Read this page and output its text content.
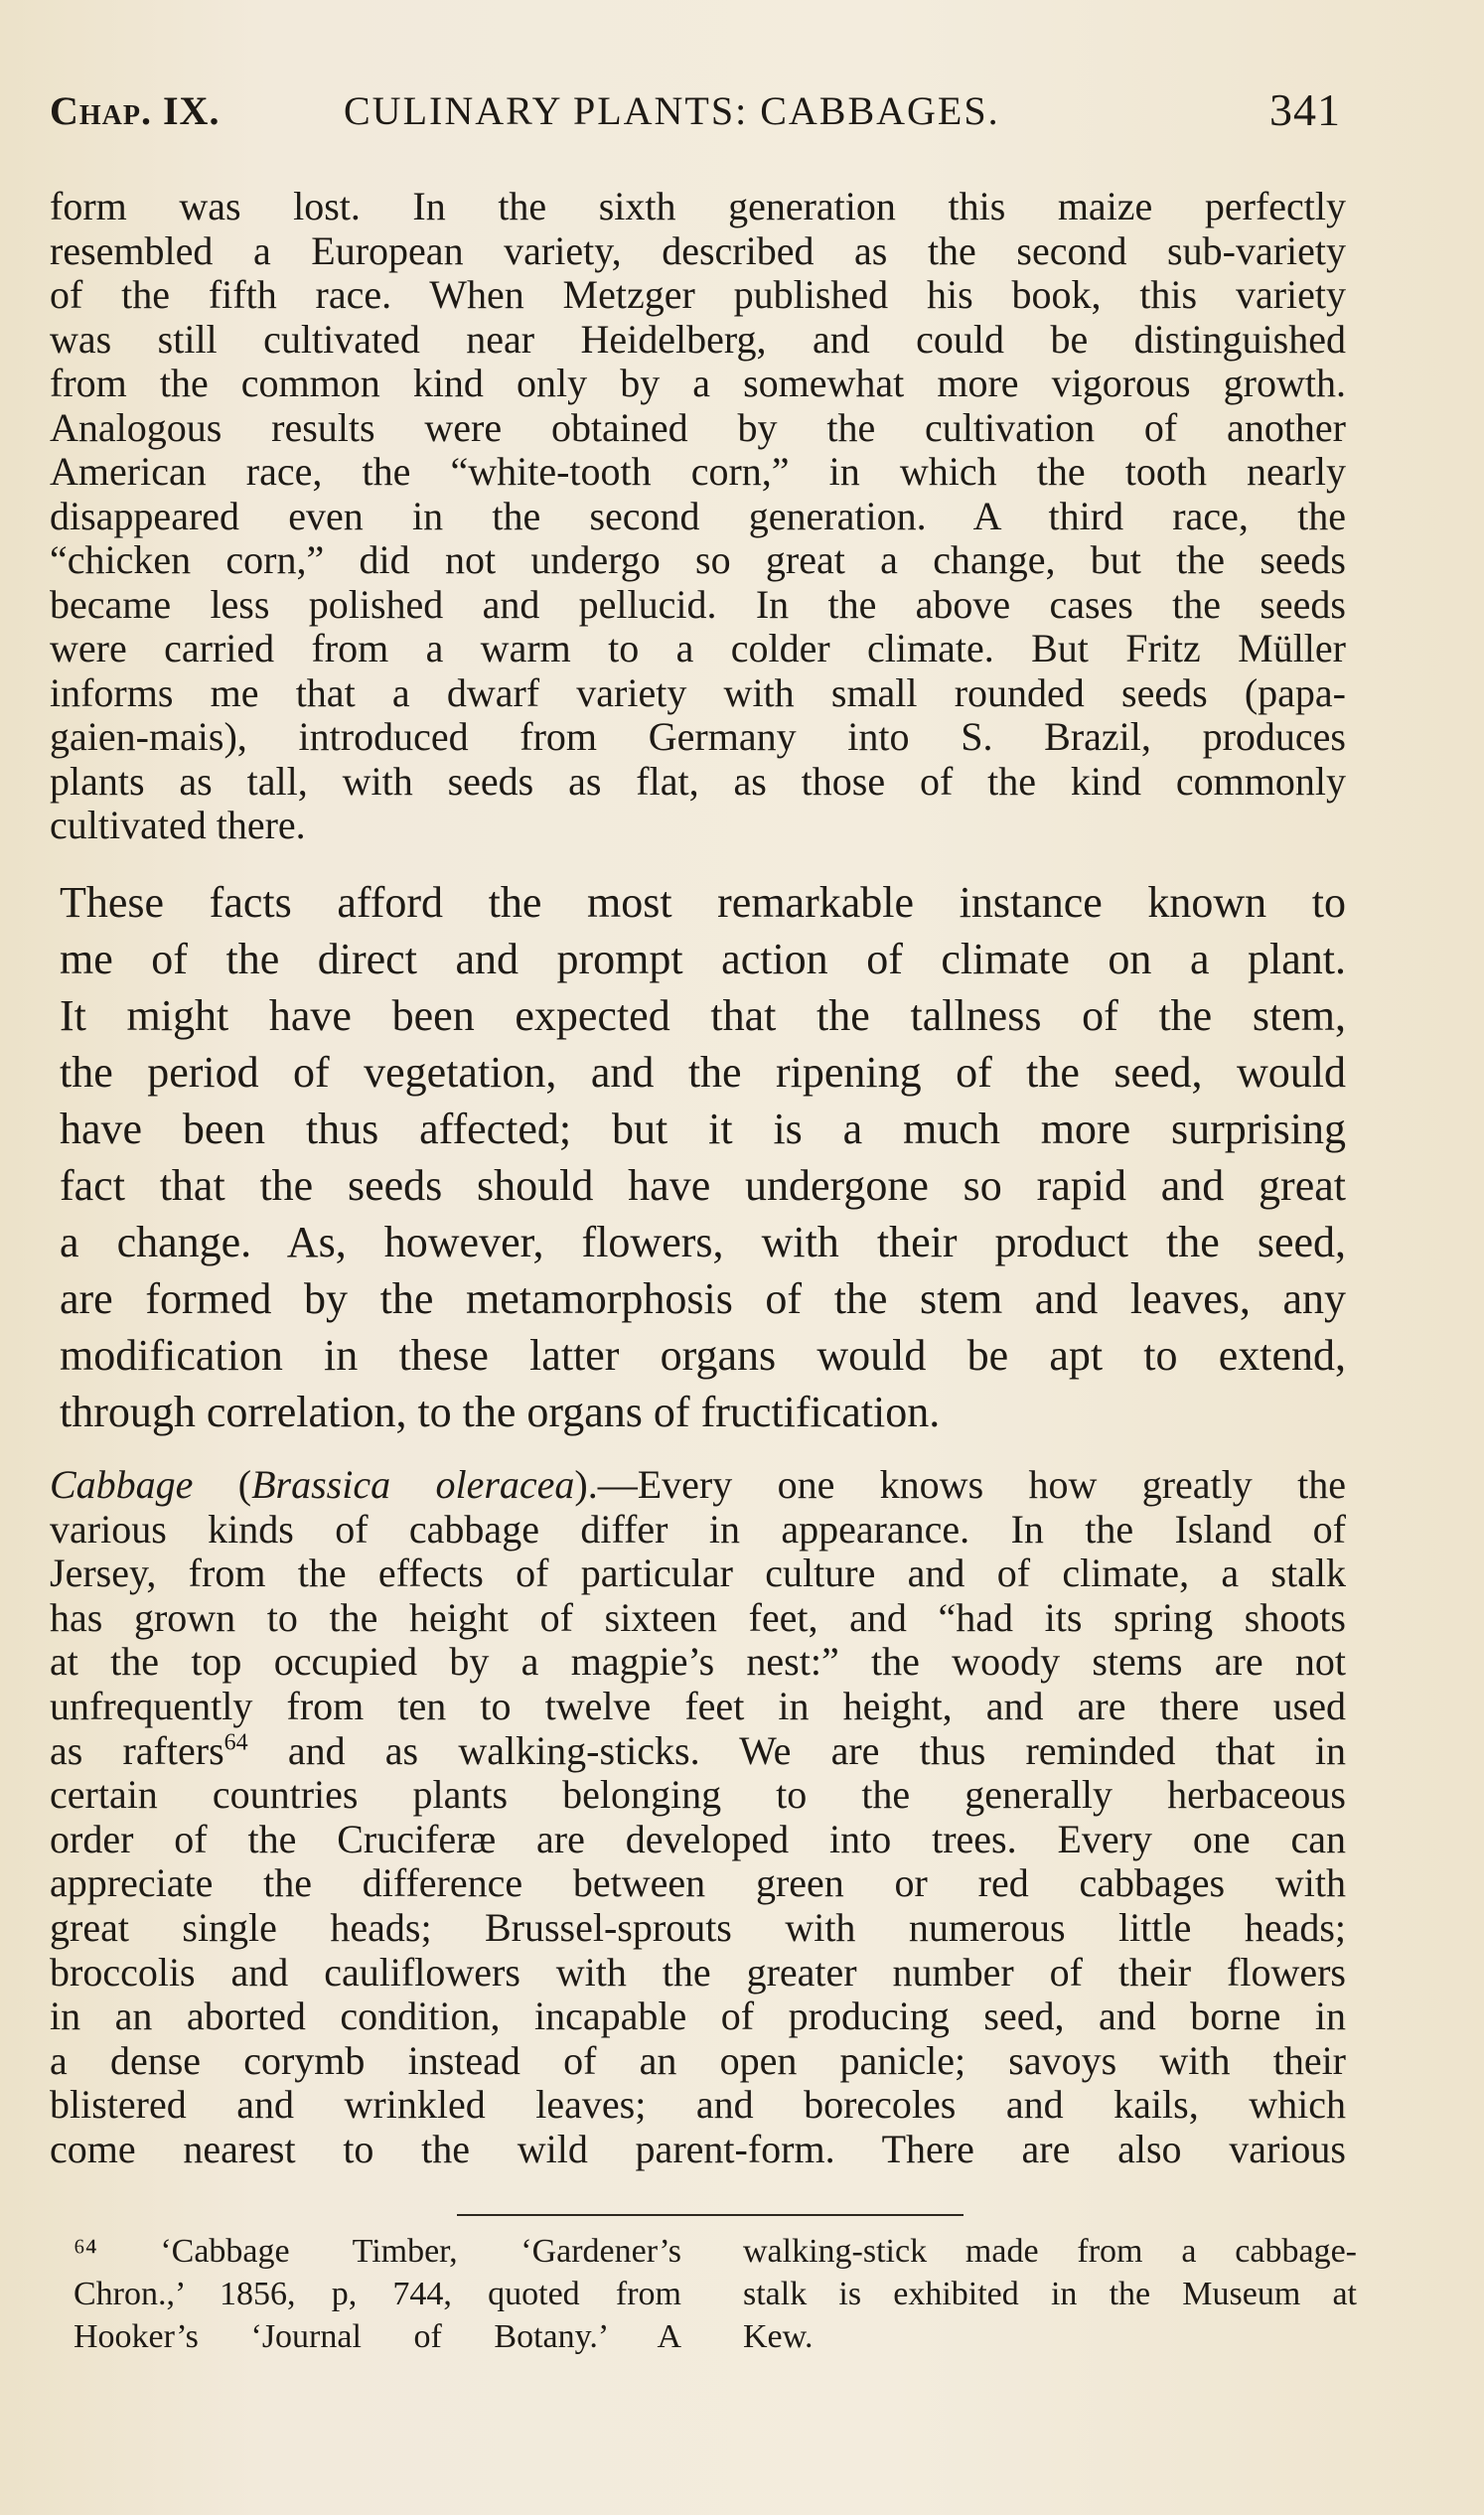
Chap. IX.	CULINARY PLANTS: CABBAGES.	341
form was lost. In the sixth generation this maize perfectly
resembled a European variety, described as the second sub-variety
of the fifth race. When Metzger published his book, this variety
was still cultivated near Heidelberg, and could be distinguished
from the common kind only by a somewhat more vigorous growth.
Analogous results were obtained by the cultivation of another
American race, the “white-tooth corn,” in which the tooth nearly
disappeared even in the second generation. A third race, the
“chicken corn,” did not undergo so great a change, but the seeds
became less polished and pellucid. In the above cases the seeds
were carried from a warm to a colder climate. But Fritz Müller
informs me that a dwarf variety with small rounded seeds (papa-
gaien-mais), introduced from Germany into S. Brazil, produces
plants as tall, with seeds as flat, as those of the kind commonly
cultivated there.
These facts afford the most remarkable instance known to
me of the direct and prompt action of climate on a plant.
It might have been expected that the tallness of the stem,
the period of vegetation, and the ripening of the seed, would
have been thus affected; but it is a much more surprising
fact that the seeds should have undergone so rapid and great
a change. As, however, flowers, with their product the seed,
are formed by the metamorphosis of the stem and leaves, any
modification in these latter organs would be apt to extend,
through correlation, to the organs of fructification.
Cabbage (Brassica oleracea).—Every one knows how greatly the
various kinds of cabbage differ in appearance. In the Island of
Jersey, from the effects of particular culture and of climate, a stalk
has grown to the height of sixteen feet, and “had its spring shoots
at the top occupied by a magpie’s nest:” the woody stems are not
unfrequently from ten to twelve feet in height, and are there used
as rafters$^{64}$ and as walking-sticks. We are thus reminded that in
certain countries plants belonging to the generally herbaceous
order of the Cruciferæ are developed into trees. Every one can
appreciate the difference between green or red cabbages with
great single heads; Brussel-sprouts with numerous little heads;
broccolis and cauliflowers with the greater number of their flowers
in an aborted condition, incapable of producing seed, and borne in
a dense corymb instead of an open panicle; savoys with their
blistered and wrinkled leaves; and borecoles and kails, which
come nearest to the wild parent-form. There are also various
⁶⁴ ‘Cabbage Timber, ‘Gardener’s
Chron.,’ 1856, p, 744, quoted from
Hooker’s ‘Journal of Botany.’ A
walking-stick made from a cabbage-
stalk is exhibited in the Museum at
Kew.
